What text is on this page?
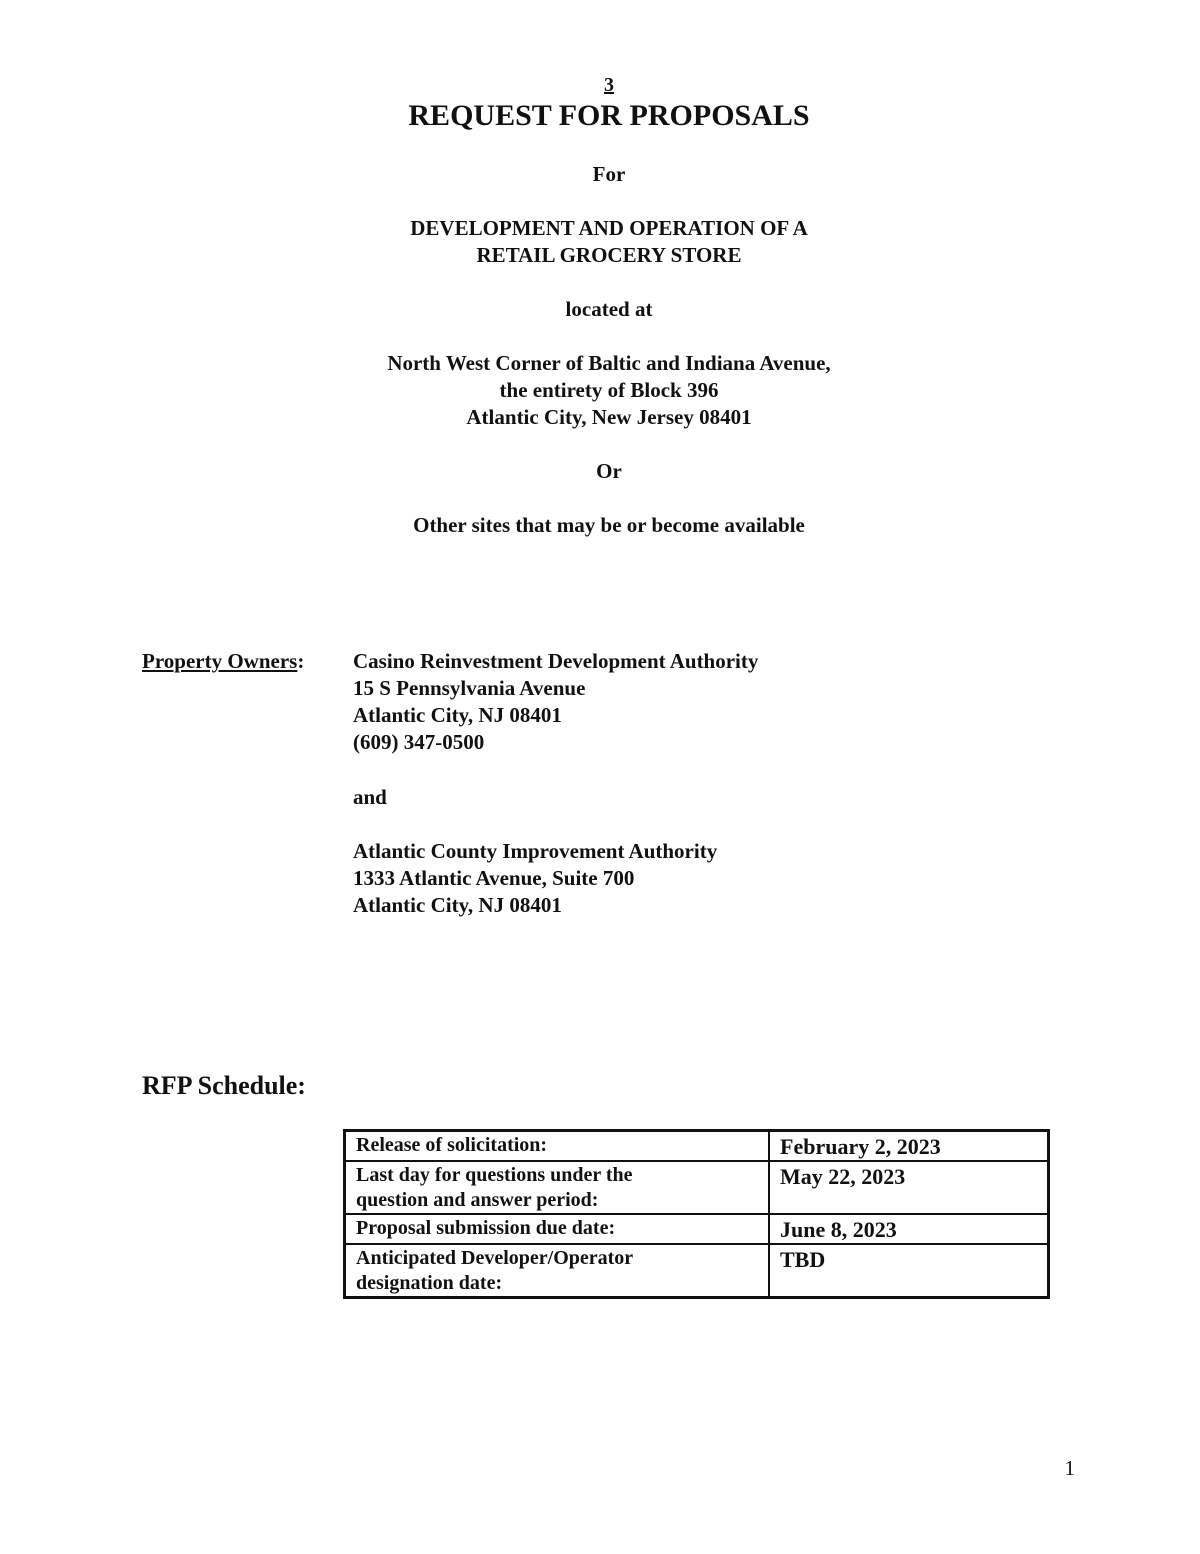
3
REQUEST FOR PROPOSALS
For
DEVELOPMENT AND OPERATION OF A
RETAIL GROCERY STORE
located at
North West Corner of Baltic and Indiana Avenue,
the entirety of Block 396
Atlantic City, New Jersey 08401
Or
Other sites that may be or become available
Property Owners: Casino Reinvestment Development Authority
15 S Pennsylvania Avenue
Atlantic City, NJ 08401
(609) 347-0500
and
Atlantic County Improvement Authority
1333 Atlantic Avenue, Suite 700
Atlantic City, NJ 08401
RFP Schedule:
Release of solicitation:	February 2, 2023

Last day for questions under the
question and answer period:	May 22, 2023

Proposal submission due date:	June 8, 2023

Anticipated Developer/Operator
designation date:	TBD
1
